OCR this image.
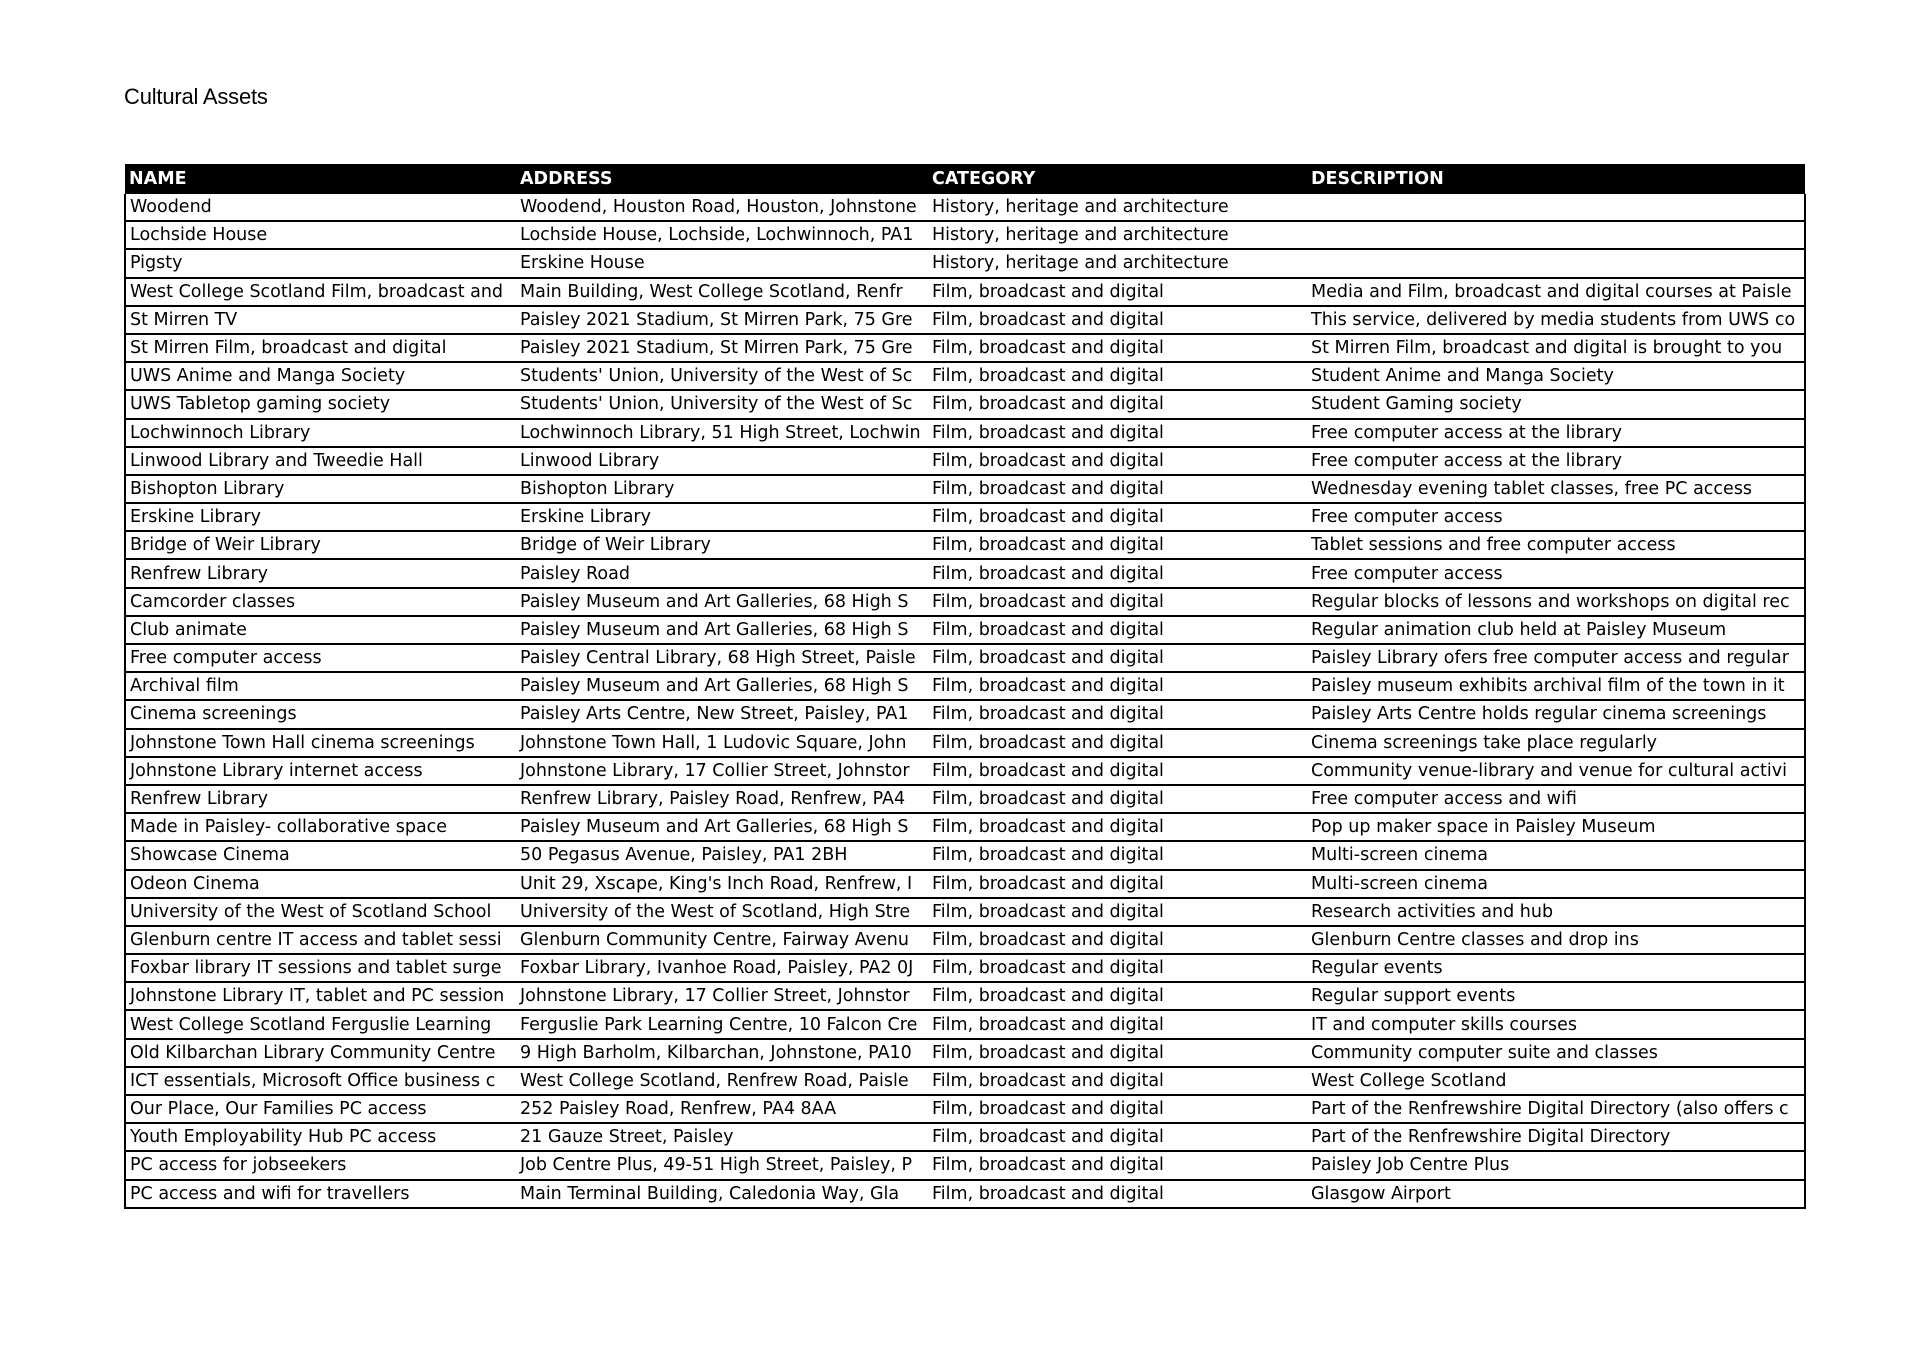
Cultural Assets
NAME	ADDRESS	CATEGORY	DESCRIPTION
Woodend	Woodend, Houston Road, Houston, Johnstone	History, heritage and architecture	
Lochside House	Lochside House, Lochside, Lochwinnoch, PA1	History, heritage and architecture	
Pigsty	Erskine House	History, heritage and architecture	
West College Scotland Film, broadcast and	Main Building, West College Scotland, Renfr	Film, broadcast and digital	Media and Film, broadcast and digital courses at Paisle
St Mirren TV	Paisley 2021 Stadium, St Mirren Park, 75 Gre	Film, broadcast and digital	This service, delivered by media students from UWS co
St Mirren Film, broadcast and digital	Paisley 2021 Stadium, St Mirren Park, 75 Gre	Film, broadcast and digital	St Mirren Film, broadcast and digital is brought to you
UWS Anime and Manga Society	Students' Union, University of the West of Sc	Film, broadcast and digital	Student Anime and Manga Society
UWS Tabletop gaming society	Students' Union, University of the West of Sc	Film, broadcast and digital	Student Gaming society
Lochwinnoch Library	Lochwinnoch Library, 51 High Street, Lochwin	Film, broadcast and digital	Free computer access at the library
Linwood Library and Tweedie Hall	Linwood Library	Film, broadcast and digital	Free computer access at the library
Bishopton Library	Bishopton Library	Film, broadcast and digital	Wednesday evening tablet classes, free PC access
Erskine Library	Erskine Library	Film, broadcast and digital	Free computer access
Bridge of Weir Library	Bridge of Weir Library	Film, broadcast and digital	Tablet sessions and free computer access
Renfrew Library	Paisley Road	Film, broadcast and digital	Free computer access
Camcorder classes	Paisley Museum and Art Galleries, 68 High S	Film, broadcast and digital	Regular blocks of lessons and workshops on digital rec
Club animate	Paisley Museum and Art Galleries, 68 High S	Film, broadcast and digital	Regular animation club held at Paisley Museum
Free computer access	Paisley Central Library, 68 High Street, Paisle	Film, broadcast and digital	Paisley Library ofers free computer access and regular
Archival film	Paisley Museum and Art Galleries, 68 High S	Film, broadcast and digital	Paisley museum exhibits archival film of the town in it
Cinema screenings	Paisley Arts Centre, New Street, Paisley, PA1	Film, broadcast and digital	Paisley Arts Centre holds regular cinema screenings
Johnstone Town Hall cinema screenings	Johnstone Town Hall, 1 Ludovic Square, John	Film, broadcast and digital	Cinema screenings take place regularly
Johnstone Library internet access	Johnstone Library, 17 Collier Street, Johnstor	Film, broadcast and digital	Community venue-library and venue for cultural activi
Renfrew Library	Renfrew Library, Paisley Road, Renfrew, PA4	Film, broadcast and digital	Free computer access and wifi
Made in Paisley- collaborative space	Paisley Museum and Art Galleries, 68 High S	Film, broadcast and digital	Pop up maker space in Paisley Museum
Showcase Cinema	50 Pegasus Avenue, Paisley, PA1 2BH	Film, broadcast and digital	Multi-screen cinema
Odeon Cinema	Unit 29, Xscape, King's Inch Road, Renfrew, I	Film, broadcast and digital	Multi-screen cinema
University of the West of Scotland School	University of the West of Scotland, High Stre	Film, broadcast and digital	Research activities and hub
Glenburn centre IT access and tablet sessi	Glenburn Community Centre, Fairway Avenu	Film, broadcast and digital	Glenburn Centre classes and drop ins
Foxbar library IT sessions and tablet surge	Foxbar Library, Ivanhoe Road, Paisley, PA2 0J	Film, broadcast and digital	Regular events
Johnstone Library IT, tablet and PC session	Johnstone Library, 17 Collier Street, Johnstor	Film, broadcast and digital	Regular support events
West College Scotland Ferguslie Learning	Ferguslie Park Learning Centre, 10 Falcon Cre	Film, broadcast and digital	IT and computer skills courses
Old Kilbarchan Library Community Centre	9 High Barholm, Kilbarchan, Johnstone, PA10	Film, broadcast and digital	Community computer suite and classes
ICT essentials, Microsoft Office business c	West College Scotland, Renfrew Road, Paisle	Film, broadcast and digital	West College Scotland
Our Place, Our Families PC access	252 Paisley Road, Renfrew, PA4 8AA	Film, broadcast and digital	Part of the Renfrewshire Digital Directory (also offers c
Youth Employability Hub PC access	21 Gauze Street, Paisley	Film, broadcast and digital	Part of the Renfrewshire Digital Directory
PC access for jobseekers	Job Centre Plus, 49-51 High Street, Paisley, P	Film, broadcast and digital	Paisley Job Centre Plus
PC access and wifi for travellers	Main Terminal Building, Caledonia Way, Gla	Film, broadcast and digital	Glasgow Airport
